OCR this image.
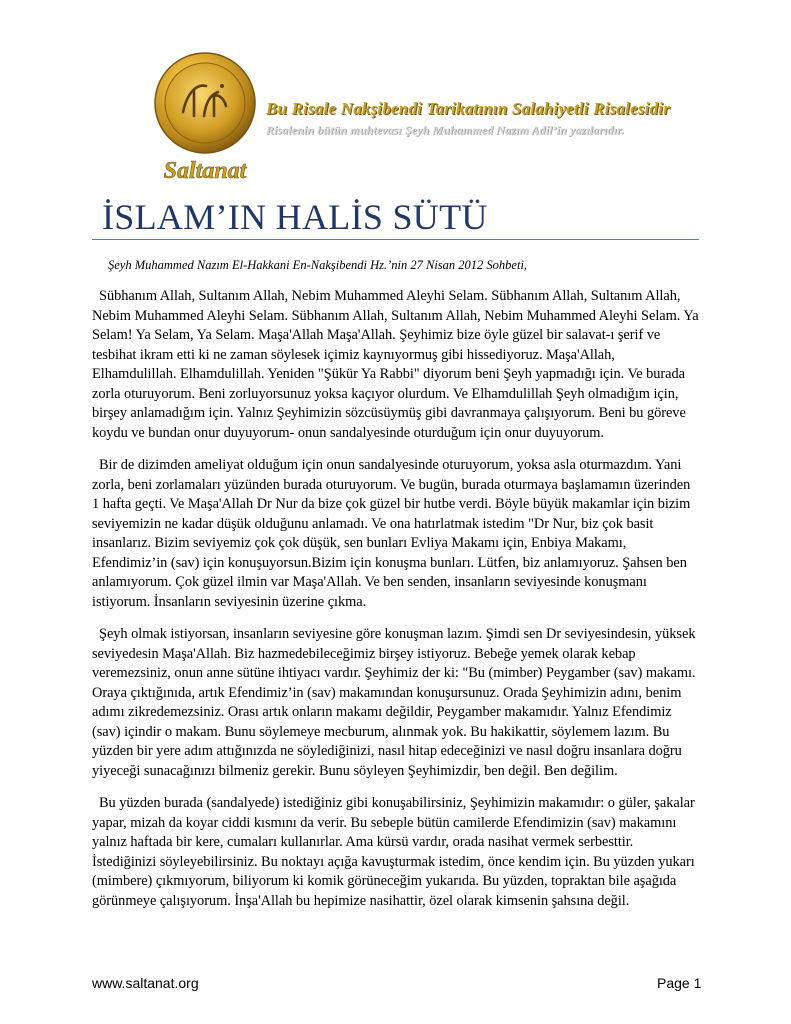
Saltanat
Bu Risale Nakşibendi Tarikatının Salahiyetli Risalesidir
Risalenin bütün muhtevası Şeyh Muhammed Nazım Adil’in yazılarıdır.
İSLAM’IN HALİS SÜTÜ

Şeyh Muhammed Nazım El-Hakkani En-Nakşibendi Hz.’nin 27 Nisan 2012 Sohbeti,

Sübhanım Allah, Sultanım Allah, Nebim Muhammed Aleyhi Selam. Sübhanım Allah, Sultanım Allah, Nebim Muhammed Aleyhi Selam. Sübhanım Allah, Sultanım Allah, Nebim Muhammed Aleyhi Selam. Ya Selam! Ya Selam, Ya Selam. Maşa'Allah Maşa'Allah. Şeyhimiz bize öyle güzel bir salavat-ı şerif ve tesbihat ikram etti ki ne zaman söylesek içimiz kaynıyormuş gibi hissediyoruz. Maşa'Allah, Elhamdulillah. Elhamdulillah. Yeniden "Şükür Ya Rabbi" diyorum beni Şeyh yapmadığı için. Ve burada zorla oturuyorum. Beni zorluyorsunuz yoksa kaçıyor olurdum. Ve Elhamdulillah Şeyh olmadığım için, birşey anlamadığım için. Yalnız Şeyhimizin sözcüsüymüş gibi davranmaya çalışıyorum. Beni bu göreve koydu ve bundan onur duyuyorum- onun sandalyesinde oturduğum için onur duyuyorum.

Bir de dizimden ameliyat olduğum için onun sandalyesinde oturuyorum, yoksa asla oturmazdım. Yani zorla, beni zorlamaları yüzünden burada oturuyorum. Ve bugün, burada oturmaya başlamamın üzerinden 1 hafta geçti. Ve Maşa'Allah Dr Nur da bize çok güzel bir hutbe verdi. Böyle büyük makamlar için bizim seviyemizin ne kadar düşük olduğunu anlamadı. Ve ona hatırlatmak istedim "Dr Nur, biz çok basit insanlarız. Bizim seviyemiz çok çok düşük, sen bunları Evliya Makamı için, Enbiya Makamı, Efendimiz’in (sav) için konuşuyorsun.Bizim için konuşma bunları. Lütfen, biz anlamıyoruz. Şahsen ben anlamıyorum. Çok güzel ilmin var Maşa'Allah. Ve ben senden, insanların seviyesinde konuşmanı istiyorum. İnsanların seviyesinin üzerine çıkma.

Şeyh olmak istiyorsan, insanların seviyesine göre konuşman lazım. Şimdi sen Dr seviyesindesin, yüksek seviyedesin Maşa'Allah. Biz hazmedebileceğimiz birşey istiyoruz. Bebeğe yemek olarak kebap veremezsiniz, onun anne sütüne ihtiyacı vardır. Şeyhimiz der ki: "Bu (mimber) Peygamber (sav) makamı. Oraya çıktığınıda, artık Efendimiz’in (sav) makamından konuşursunuz. Orada Şeyhimizin adını, benim adımı zikredemezsiniz. Orası artık onların makamı değildir, Peygamber makamıdır. Yalnız Efendimiz (sav) içindir o makam. Bunu söylemeye mecburum, alınmak yok. Bu hakikattir, söylemem lazım. Bu yüzden bir yere adım attığınızda ne söylediğinizi, nasıl hitap edeceğinizi ve nasıl doğru insanlara doğru yiyeceği sunacağınızı bilmeniz gerekir. Bunu söyleyen Şeyhimizdir, ben değil. Ben değilim.

Bu yüzden burada (sandalyede) istediğiniz gibi konuşabilirsiniz, Şeyhimizin makamıdır: o güler, şakalar yapar, mizah da koyar ciddi kısmını da verir. Bu sebeple bütün camilerde Efendimizin (sav) makamını yalnız haftada bir kere, cumaları kullanırlar. Ama kürsü vardır, orada nasihat vermek serbesttir. İstediğinizi söyleyebilirsiniz. Bu noktayı açığa kavuşturmak istedim, önce kendim için. Bu yüzden yukarı (mimbere) çıkmıyorum, biliyorum ki komik görüneceğim yukarıda. Bu yüzden, topraktan bile aşağıda görünmeye çalışıyorum. İnşa'Allah bu hepimize nasihattir, özel olarak kimsenin şahsına değil.

www.saltanat.org	Page 1
